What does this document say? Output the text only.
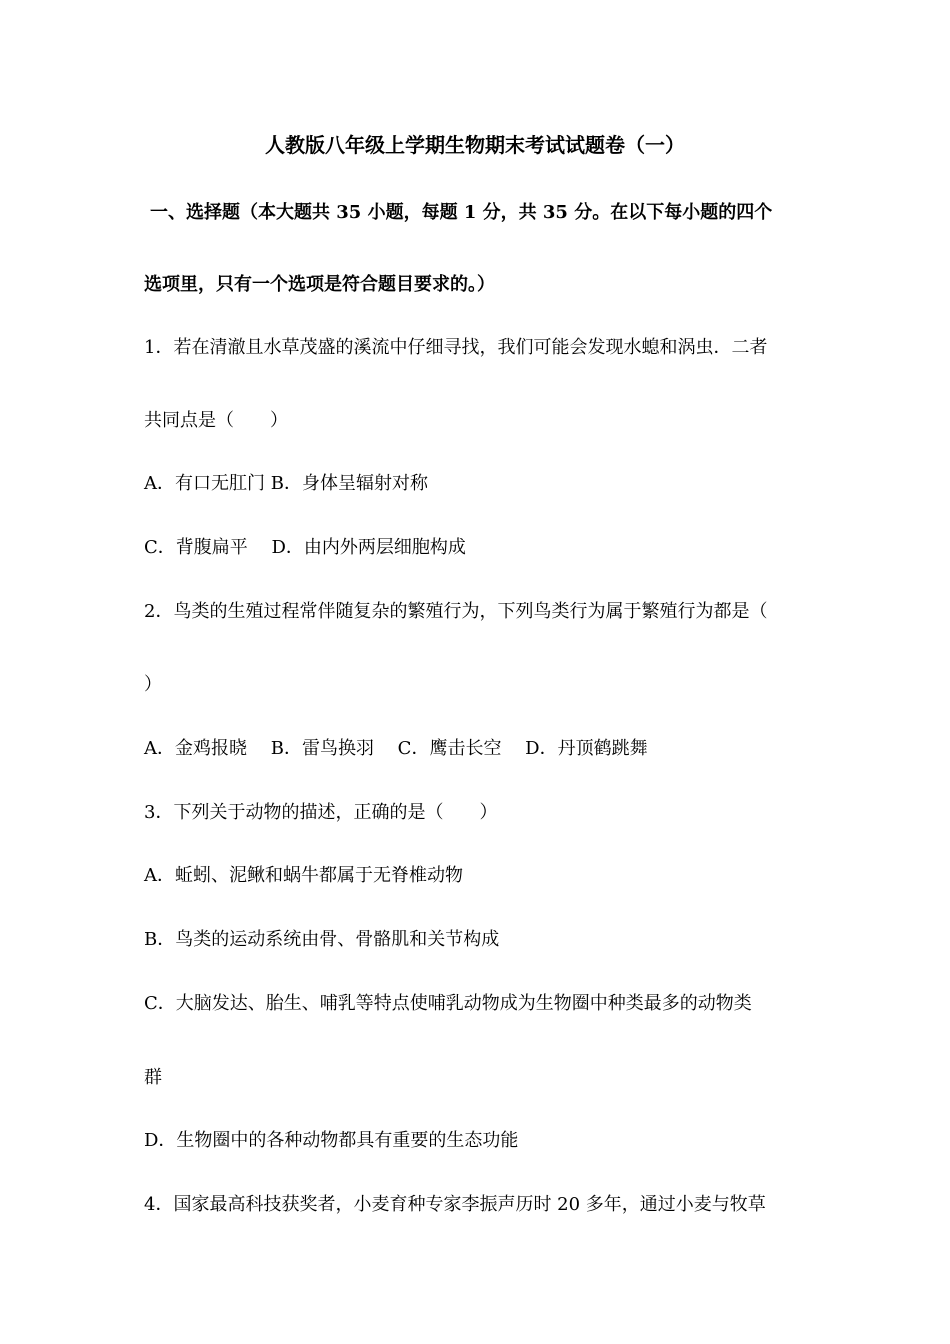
人教版八年级上学期生物期末考试试题卷（一）
一、选择题（本大题共 35 小题，每题 1 分，共 35 分。在以下每小题的四个
选项里，只有一个选项是符合题目要求的。）
1．若在清澈且水草茂盛的溪流中仔细寻找，我们可能会发现水螅和涡虫．二者
共同点是（　　）
A．有口无肛门 B．身体呈辐射对称
C．背腹扁平　 D．由内外两层细胞构成
2．鸟类的生殖过程常伴随复杂的繁殖行为，下列鸟类行为属于繁殖行为都是（
）
A．金鸡报晓　 B．雷鸟换羽　 C．鹰击长空　 D．丹顶鹤跳舞
3．下列关于动物的描述，正确的是（　　）
A．蚯蚓、泥鳅和蜗牛都属于无脊椎动物
B．鸟类的运动系统由骨、骨骼肌和关节构成
C．大脑发达、胎生、哺乳等特点使哺乳动物成为生物圈中种类最多的动物类
群
D．生物圈中的各种动物都具有重要的生态功能
4．国家最高科技获奖者，小麦育种专家李振声历时 20 多年，通过小麦与牧草
